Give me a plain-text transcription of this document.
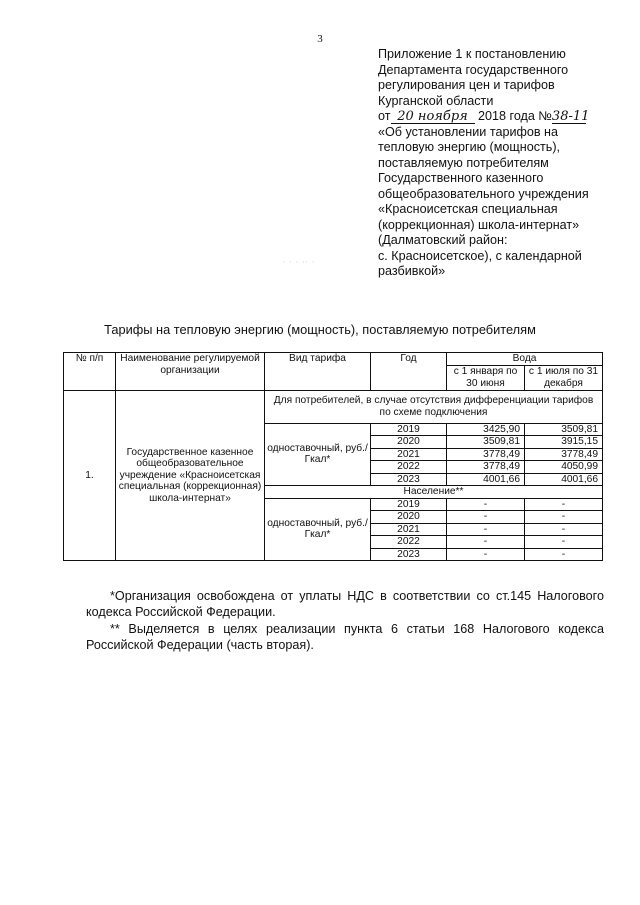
3
Приложение 1 к постановлению
Департамента государственного
регулирования цен и тарифов
Курганской области
от 20 ноября 2018 года №38-11
«Об установлении тарифов на
тепловую энергию (мощность),
поставляемую потребителям
Государственного казенного
общеобразовательного учреждения
«Красноисетская специальная
(коррекционная) школа-интернат»
(Далматовский район:
с. Красноисетское), с календарной
разбивкой»
∙ ∙ ∙ ∙∙ ∙
Тарифы на тепловую энергию (мощность), поставляемую потребителям
№ п/п	Наименование регулируемой организации	Вид тарифа	Год	Вода	
				с 1 января по 30 июня	с 1 июля по 31 декабря
1.	Государственное казенное общеобразовательное учреждение «Красноисетская специальная (коррекционная) школа-интернат»	Для потребителей, в случае отсутствия дифференциации тарифов по схеме подключения			
		одноставочный, руб./Гкал*	2019	3425,90	3509,81
			2020	3509,81	3915,15
			2021	3778,49	3778,49
			2022	3778,49	4050,99
			2023	4001,66	4001,66
		Население**			
		одноставочный, руб./Гкал*	2019	-	-
			2020	-	-
			2021	-	-
			2022	-	-
			2023	-	-

*Организация освобождена от уплаты НДС в соответствии со ст.145 Налогового кодекса Российской Федерации.

** Выделяется в целях реализации пункта 6 статьи 168 Налогового кодекса Российской Федерации (часть вторая).
